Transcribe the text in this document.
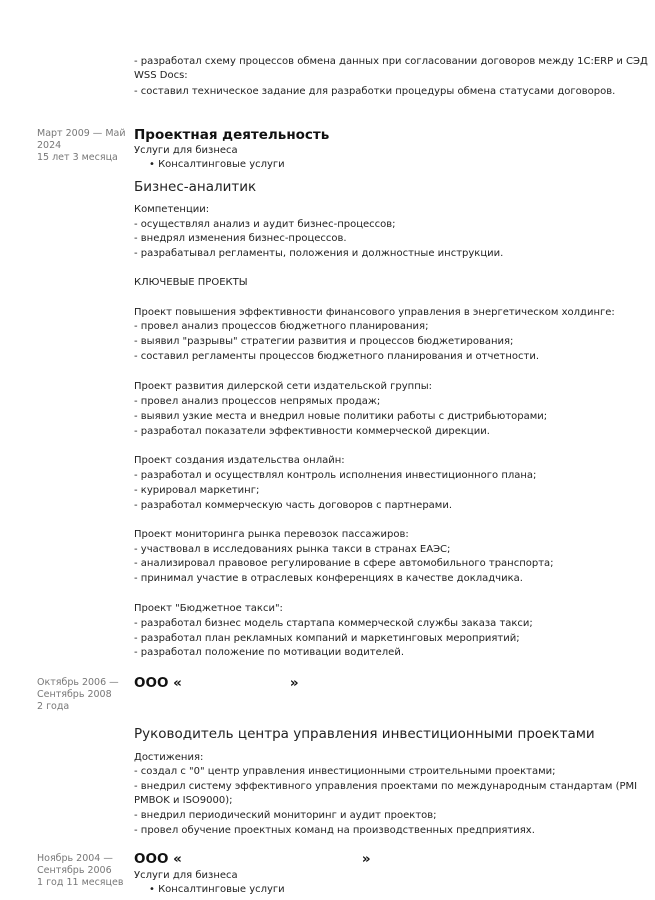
- разработал схему процессов обмена данных при согласовании договоров между 1С:ERP и СЭД
WSS Docs:
- составил техническое задание для разработки процедуры обмена статусами договоров.
Март 2009 — Май
2024
15 лет 3 месяца
Проектная деятельность
Услуги для бизнеса
• Консалтинговые услуги
Бизнес-аналитик
Компетенции:
- осуществлял анализ и аудит бизнес-процессов;
- внедрял изменения бизнес-процессов.
- разрабатывал регламенты, положения и должностные инструкции.
КЛЮЧЕВЫЕ ПРОЕКТЫ
Проект повышения эффективности финансового управления в энергетическом холдинге:
- провел анализ процессов бюджетного планирования;
- выявил "разрывы" стратегии развития и процессов бюджетирования;
- составил регламенты процессов бюджетного планирования и отчетности.
Проект развития дилерской сети издательской группы:
- провел анализ процессов непрямых продаж;
- выявил узкие места и внедрил новые политики работы с дистрибьюторами;
- разработал показатели эффективности коммерческой дирекции.
Проект создания издательства онлайн:
- разработал и осуществлял контроль исполнения инвестиционного плана;
- курировал маркетинг;
- разработал коммерческую часть договоров с партнерами.
Проект мониторинга рынка перевозок пассажиров:
- участвовал в исследованиях рынка такси в странах ЕАЭС;
- анализировал правовое регулирование в сфере автомобильного транспорта;
- принимал участие в отраслевых конференциях в качестве докладчика.
Проект "Бюджетное такси":
- разработал бизнес модель стартапа коммерческой службы заказа такси;
- разработал план рекламных компаний и маркетинговых мероприятий;
- разработал положение по мотивации водителей.
Октябрь 2006 —
Сентябрь 2008
2 года
ООО «	»
Руководитель центра управления инвестиционными проектами
Достижения:
- создал с "0" центр управления инвестиционными строительными проектами;
- внедрил систему эффективного управления проектами по международным стандартам (PMI
PMBOK и ISO9000);
- внедрил периодический мониторинг и аудит проектов;
- провел обучение проектных команд на производственных предприятиях.
Ноябрь 2004 —
Сентябрь 2006
1 год 11 месяцев
ООО «	»
Услуги для бизнеса
• Консалтинговые услуги
